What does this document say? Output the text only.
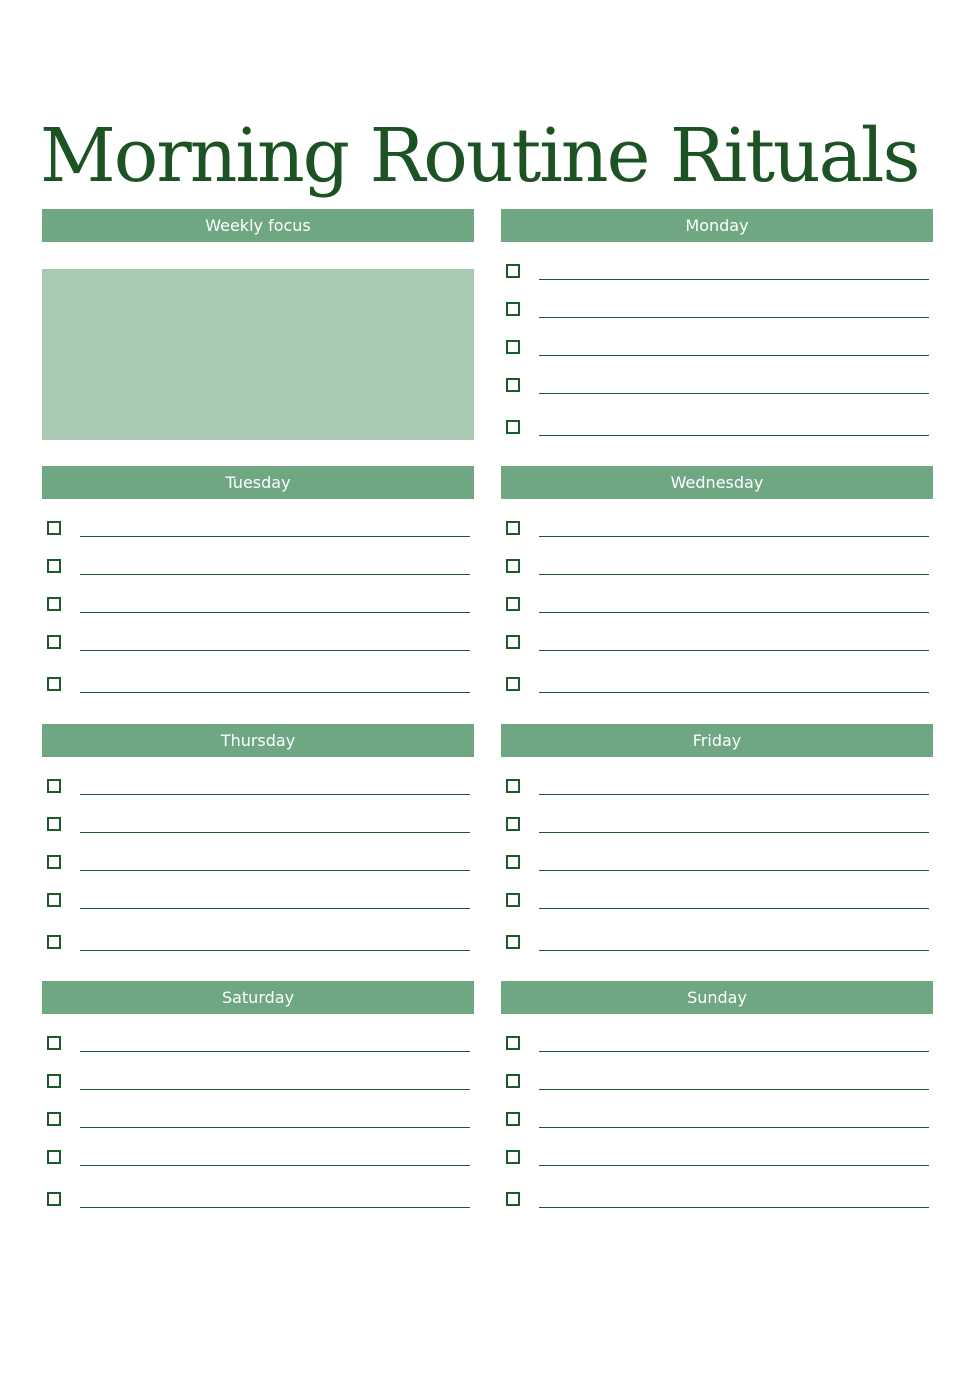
Morning Routine Rituals
Weekly focus	Monday
Tuesday	Wednesday
Thursday	Friday
Saturday	Sunday
